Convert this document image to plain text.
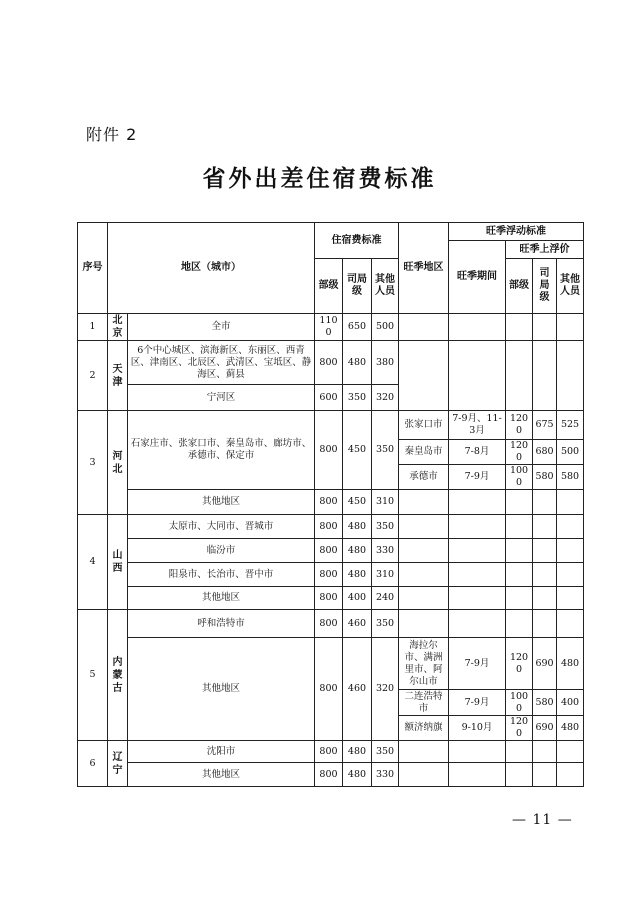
附件 2
省外出差住宿费标准
序号	地区（城市）		住宿费标准			旺季地区	旺季浮动标准			
							旺季期间	旺季上浮价		
			部级	司局级	其他人员			部级	司局级	其他人员
1	北京	全市	1100	650	500					
2	天津	6个中心城区、滨海新区、东丽区、西青区、津南区、北辰区、武清区、宝坻区、静海区、蓟县	800	480	380					
		宁河区	600	350	320					
3	河北	石家庄市、张家口市、秦皇岛市、廊坊市、承德市、保定市	800	450	350	张家口市	7-9月、11-3月	1200	675	525
						秦皇岛市	7-8月	1200	680	500
						承德市	7-9月	1000	580	580
		其他地区	800	450	310					
4	山西	太原市、大同市、晋城市	800	480	350					
		临汾市	800	480	330					
		阳泉市、长治市、晋中市	800	480	310					
		其他地区	800	400	240					
5	内蒙古	呼和浩特市	800	460	350					
		其他地区	800	460	320	海拉尔市、满洲里市、阿尔山市	7-9月	1200	690	480
						二连浩特市	7-9月	1000	580	400
						额济纳旗	9-10月	1200	690	480
6	辽宁	沈阳市	800	480	350					
		其他地区	800	480	330					
— 11 —
